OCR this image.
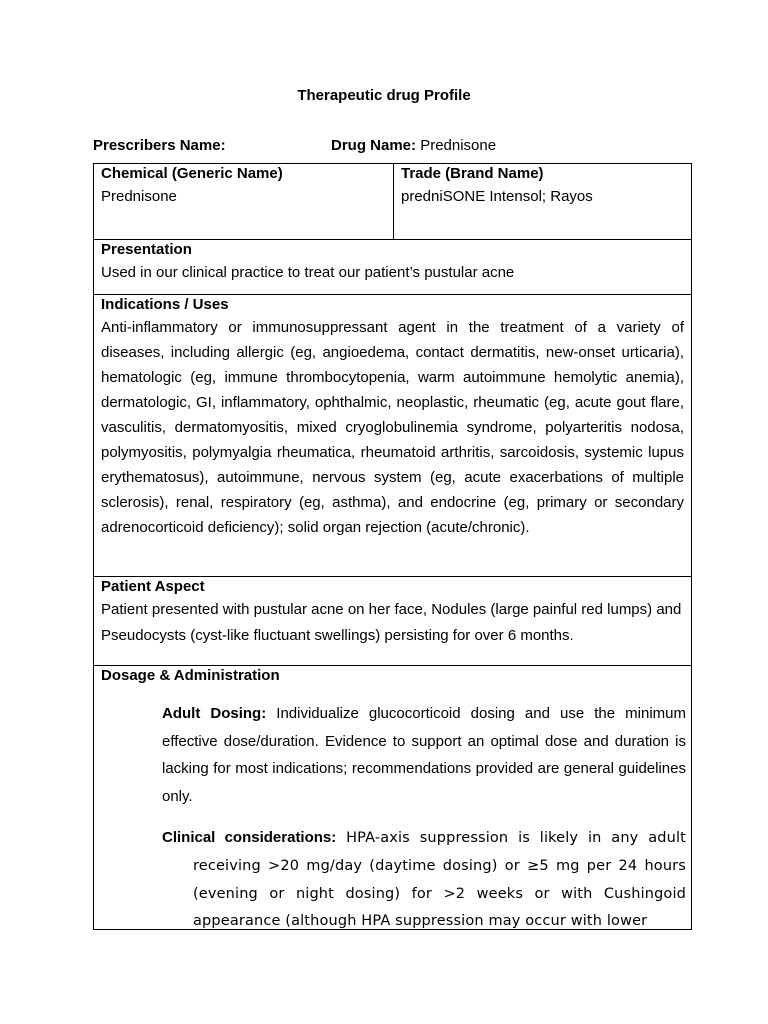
Therapeutic drug Profile
Prescribers Name:	Drug Name: Prednisone
Chemical (Generic Name)
Prednisone
Trade (Brand Name)
predniSONE Intensol; Rayos
Presentation
Used in our clinical practice to treat our patient’s pustular acne
Indications / Uses
Anti-inflammatory or immunosuppressant agent in the treatment of a variety of diseases, including allergic (eg, angioedema, contact dermatitis, new-onset urticaria), hematologic (eg, immune thrombocytopenia, warm autoimmune hemolytic anemia), dermatologic, GI, inflammatory, ophthalmic, neoplastic, rheumatic (eg, acute gout flare, vasculitis, dermatomyositis, mixed cryoglobulinemia syndrome, polyarteritis nodosa, polymyositis, polymyalgia rheumatica, rheumatoid arthritis, sarcoidosis, systemic lupus erythematosus), autoimmune, nervous system (eg, acute exacerbations of multiple sclerosis), renal, respiratory (eg, asthma), and endocrine (eg, primary or secondary adrenocorticoid deficiency); solid organ rejection (acute/chronic).
Patient Aspect
Patient presented with pustular acne on her face, Nodules (large painful red lumps) and Pseudocysts (cyst-like fluctuant swellings) persisting for over 6 months.
Dosage & Administration
Adult Dosing: Individualize glucocorticoid dosing and use the minimum effective dose/duration. Evidence to support an optimal dose and duration is lacking for most indications; recommendations provided are general guidelines only.
Clinical considerations: HPA-axis suppression is likely in any adult receiving >20 mg/day (daytime dosing) or ≥5 mg per 24 hours (evening or night dosing) for >2 weeks or with Cushingoid appearance (although HPA suppression may occur with lower
